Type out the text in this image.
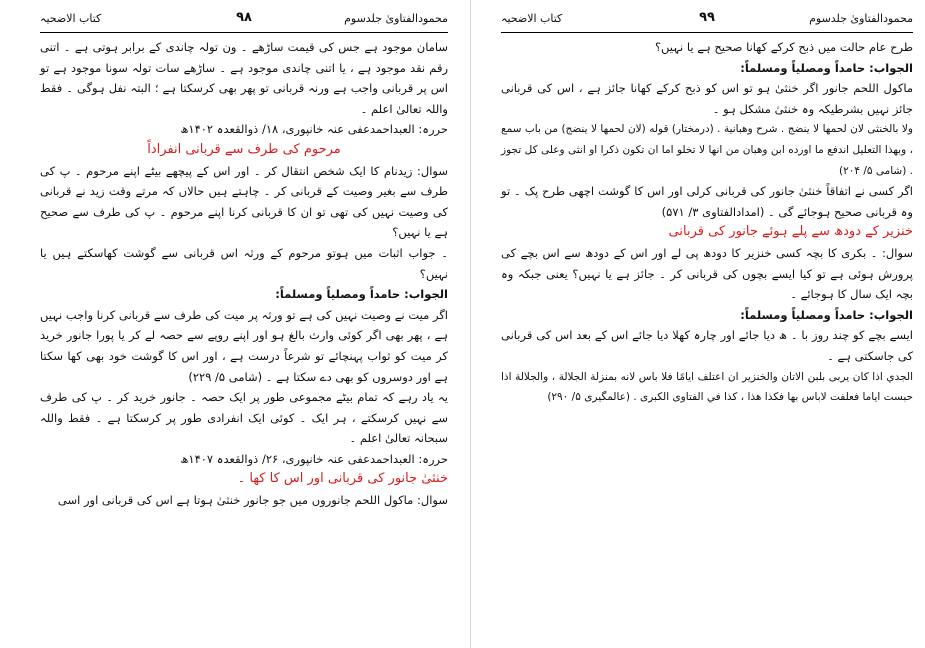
محمودالفتاویٰ جلدسوم
۹۸
کتاب الاضحیہ

سامان موجود ہے جس کی قیمت ساڑھے ۔ ون تولہ چاندی کے برابر ہوتی ہے ۔ اتنی رقم نقد موجود ہے ، یا اتنی چاندی موجود ہے ۔ ساڑھے سات تولہ سونا موجود ہے تو اس پر قربانی واجب ہے ورنہ قربانی تو پھر بھی کرسکتا ہے ؛ البتہ نفل ہوگی ۔ فقط واللہ تعالیٰ اعلم ۔

حررہ: العبداحمدعفی عنہ خانپوری، ۱۸/ ذوالقعدہ ۱۴۰۲ھ

مرحوم کی طرف سے قربانی انفراداً

سوال: زیدنام کا ایک شخص انتقال کر ۔ اور اس کے پیچھے بیٹے اپنے مرحوم ۔ پ کی طرف سے بغیر وصیت کے قربانی کر ۔ چاہتے ہیں حالاں کہ مرتے وقت زید نے قربانی کی وصیت نہیں کی تھی تو ان کا قربانی کرنا اپنے مرحوم ۔ پ کی طرف سے صحیح ہے یا نہیں؟

۔ جواب اثبات میں ہوتو مرحوم کے ورثہ اس قربانی سے گوشت کھاسکتے ہیں یا نہیں؟

الجواب: حامداً ومصلیاً ومسلماً:

اگر میت نے وصیت نہیں کی ہے تو ورثہ پر میت کی طرف سے قربانی کرنا واجب نہیں ہے ، پھر بھی اگر کوئی وارث بالغ ہو اور اپنے روپے سے حصہ لے کر یا پورا جانور خرید کر میت کو ثواب پہنچائے تو شرعاً درست ہے ، اور اس کا گوشت خود بھی کھا سکتا ہے اور دوسروں کو بھی دے سکتا ہے ۔ (شامی ۵/ ۲۲۹)

یہ یاد رہے کہ تمام بیٹے مجموعی طور پر ایک حصہ ۔ جانور خرید کر ۔ پ کی طرف سے نہیں کرسکتے ، ہر ایک ۔ کوئی ایک انفرادی طور پر کرسکتا ہے ۔ فقط واللہ سبحانہ تعالیٰ اعلم ۔

حررہ: العبداحمدعفی عنہ خانپوری، ۲۶/ ذوالقعدہ ۱۴۰۷ھ

خنثیٰ جانور کی قربانی اور اس کا کھا ۔

سوال: ماکول اللحم جانوروں میں جو جانور خنثیٰ ہوتا ہے اس کی قربانی اور اسی

محمودالفتاویٰ جلدسوم
۹۹
کتاب الاضحیہ

طرح عام حالت میں ذبح کرکے کھانا صحیح ہے یا نہیں؟

الجواب: حامداً ومصلیاً ومسلماً:

ماکول اللحم جانور اگر خنثیٰ ہو تو اس کو ذبح کرکے کھانا جائز ہے ، اس کی قربانی جائز نہیں بشرطیکہ وہ خنثیٰ مشکل ہو ۔

ولا بالخنثى لان لحمها لا ينضج . شرح وهبانية . (درمختار) قوله (لان لحمها لا ينضج) من باب سمع ، وبهذا التعليل اندفع ما اورده ابن وهبان من انها لا تخلو اما ان تكون ذكرا او انثى وعلى كل تجوز . (شامی ۵/ ۲۰۴)

اگر کسی نے اتفاقاً خنثیٰ جانور کی قربانی کرلی اور اس کا گوشت اچھی طرح پک ۔ تو وہ قربانی صحیح ہوجائے گی ۔ (امدادالفتاوی ۳/ ۵۷۱)

خنزیر کے دودھ سے پلے ہوئے جانور کی قربانی

سوال: ۔ بکری کا بچہ کسی خنزیر کا دودھ پی لے اور اس کے دودھ سے اس بچے کی پرورش ہوئی ہے تو کیا ایسے بچوں کی قربانی کر ۔ جائز ہے یا نہیں؟ یعنی جبکہ وہ بچہ ایک سال کا ہوجائے ۔

الجواب: حامداً ومصلیاً ومسلماً:

ایسے بچے کو چند روز با ۔ ھ دیا جائے اور چارہ کھلا دیا جائے اس کے بعد اس کی قربانی کی جاسکتی ہے ۔

الجدي اذا كان يربى بلبن الاتان والخنزير ان اعتلف ايامًا فلا باس لانه بمنزلة الجلالة ، والجلالة اذا حبست اياما فعلفت لاباس بها فكذا هذا ، كذا في الفتاوى الكبرى . (عالمگیری ۵/ ۲۹۰)
